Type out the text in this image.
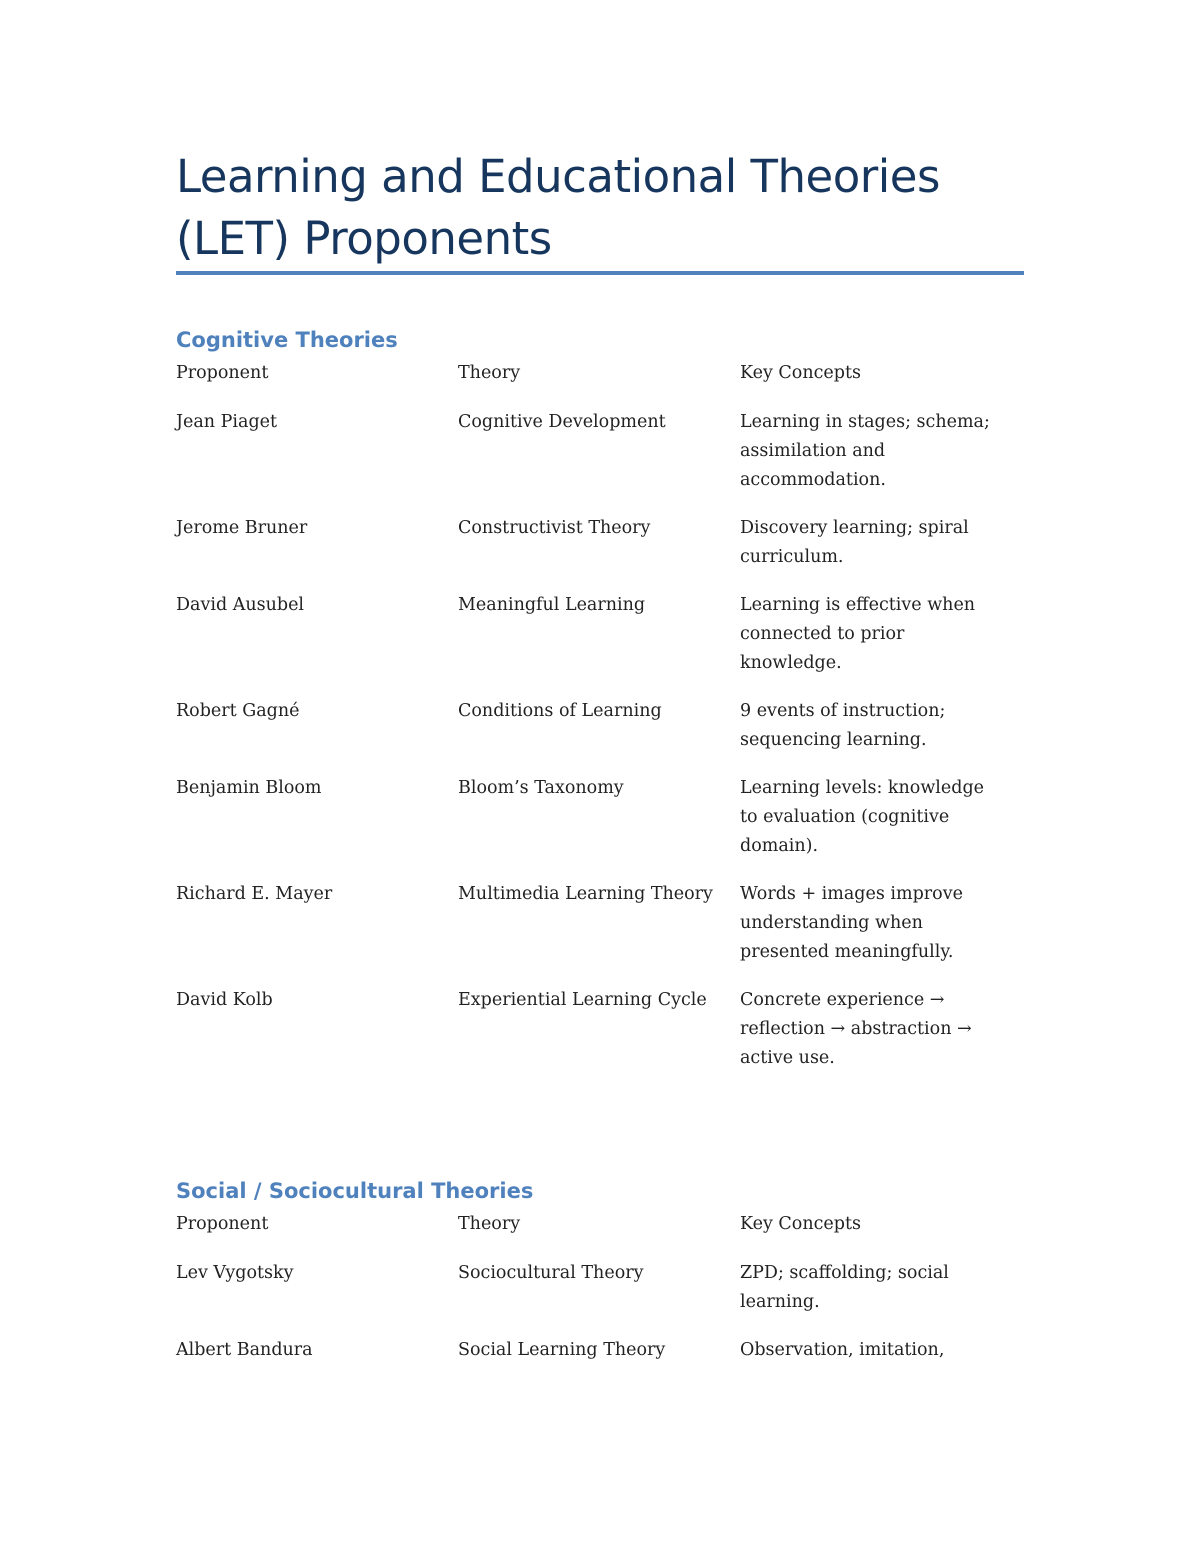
Learning and Educational Theories (LET) Proponents
Cognitive Theories
Proponent	Theory	Key Concepts
Jean Piaget	Cognitive Development	Learning in stages; schema; assimilation and accommodation.
Jerome Bruner	Constructivist Theory	Discovery learning; spiral curriculum.
David Ausubel	Meaningful Learning	Learning is effective when connected to prior knowledge.
Robert Gagné	Conditions of Learning	9 events of instruction; sequencing learning.
Benjamin Bloom	Bloom’s Taxonomy	Learning levels: knowledge to evaluation (cognitive domain).
Richard E. Mayer	Multimedia Learning Theory	Words + images improve understanding when presented meaningfully.
David Kolb	Experiential Learning Cycle	Concrete experience → reflection → abstraction → active use.
Social / Sociocultural Theories
Proponent	Theory	Key Concepts
Lev Vygotsky	Sociocultural Theory	ZPD; scaffolding; social learning.
Albert Bandura	Social Learning Theory	Observation, imitation,
